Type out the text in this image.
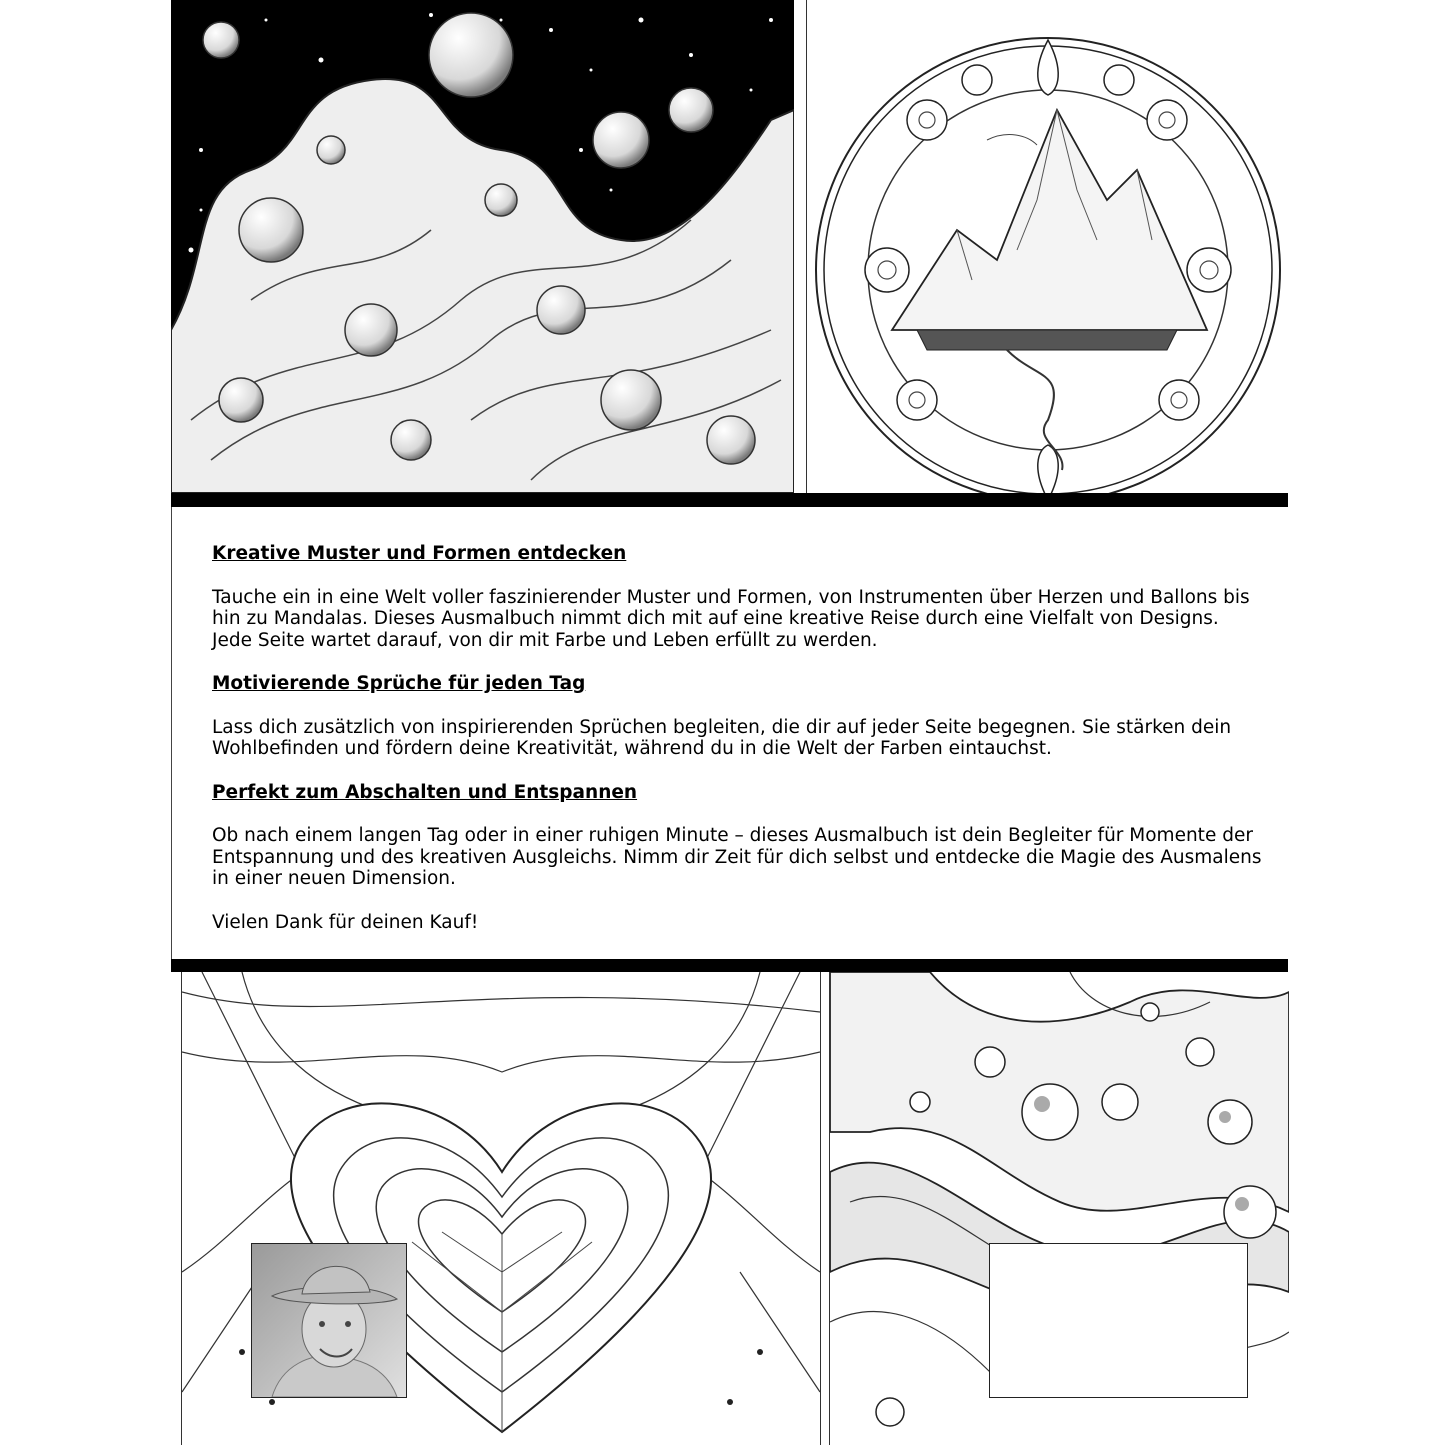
Kreative Muster und Formen entdecken

Tauche ein in eine Welt voller faszinierender Muster und Formen, von Instrumenten über Herzen und Ballons bis hin zu Mandalas. Dieses Ausmalbuch nimmt dich mit auf eine kreative Reise durch eine Vielfalt von Designs. Jede Seite wartet darauf, von dir mit Farbe und Leben erfüllt zu werden.

Motivierende Sprüche für jeden Tag

Lass dich zusätzlich von inspirierenden Sprüchen begleiten, die dir auf jeder Seite begegnen. Sie stärken dein Wohlbefinden und fördern deine Kreativität, während du in die Welt der Farben eintauchst.

Perfekt zum Abschalten und Entspannen

Ob nach einem langen Tag oder in einer ruhigen Minute – dieses Ausmalbuch ist dein Begleiter für Momente der Entspannung und des kreativen Ausgleichs. Nimm dir Zeit für dich selbst und entdecke die Magie des Ausmalens in einer neuen Dimension.

Vielen Dank für deinen Kauf!
